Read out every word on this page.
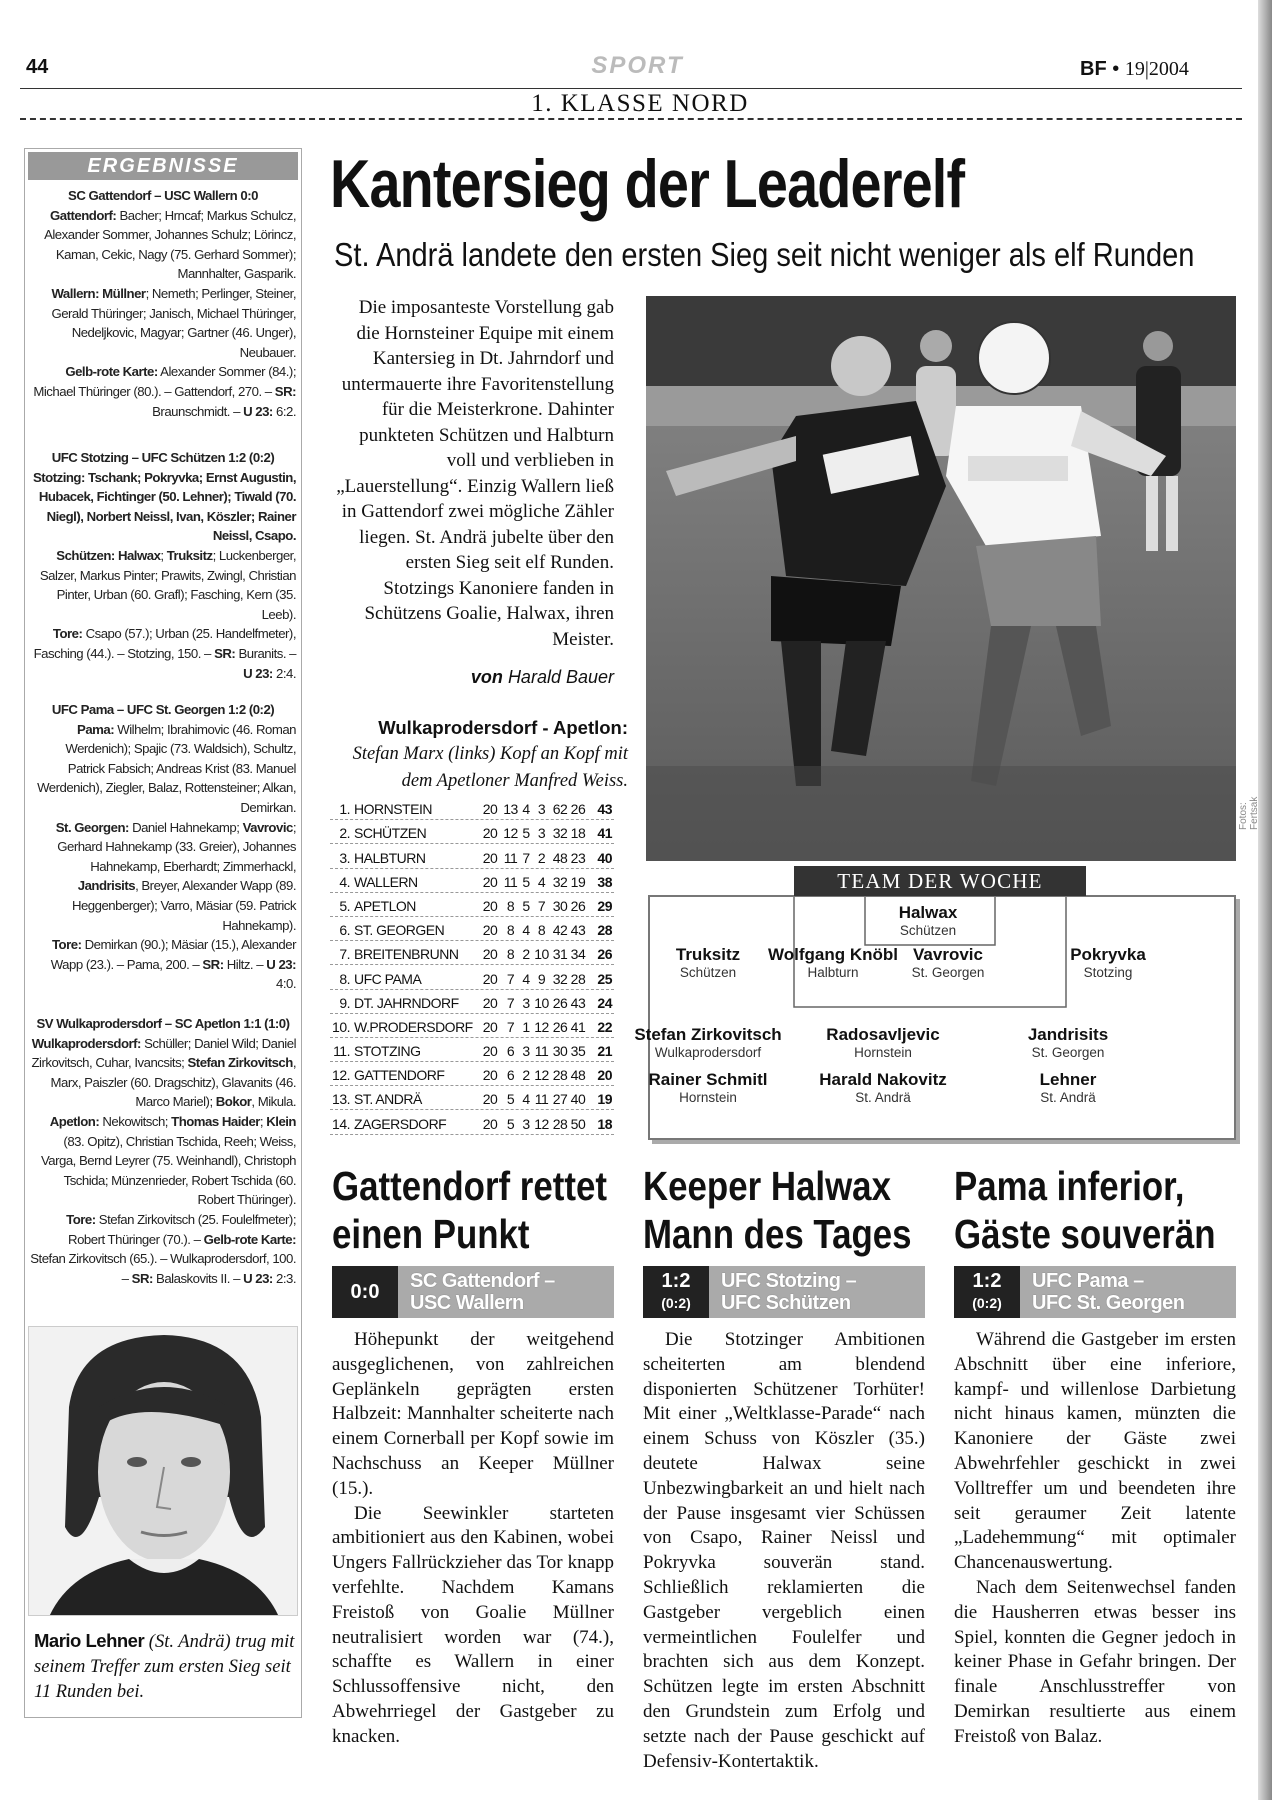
44	SPORT	BF • 19|2004
1. KLASSE NORD
ERGEBNISSE
SC Gattendorf – USC Wallern 0:0
Gattendorf: Bacher; Hrncaf; Markus Schulcz, Alexander Sommer, Johannes Schulz; Lörincz, Kaman, Cekic, Nagy (75. Gerhard Sommer); Mannhalter, Gasparik.
Wallern: Müllner; Nemeth; Perlinger, Steiner, Gerald Thüringer; Janisch, Michael Thüringer, Nedeljkovic, Magyar; Gartner (46. Unger), Neubauer.
Gelb-rote Karte: Alexander Sommer (84.); Michael Thüringer (80.). – Gattendorf, 270. – SR: Braunschmidt. – U 23: 6:2.
UFC Stotzing – UFC Schützen 1:2 (0:2)
Stotzing: Tschank; Pokryvka; Ernst Augustin, Hubacek, Fichtinger (50. Lehner); Tiwald (70. Niegl), Norbert Neissl, Ivan, Köszler; Rainer Neissl, Csapo.
Schützen: Halwax; Truksitz; Luckenberger, Salzer, Markus Pinter; Prawits, Zwingl, Christian Pinter, Urban (60. Grafl); Fasching, Kern (35. Leeb).
Tore: Csapo (57.); Urban (25. Handelfmeter), Fasching (44.). – Stotzing, 150. – SR: Buranits. – U 23: 2:4.
UFC Pama – UFC St. Georgen 1:2 (0:2)
Pama: Wilhelm; Ibrahimovic (46. Roman Werdenich); Spajic (73. Waldsich), Schultz, Patrick Fabsich; Andreas Krist (83. Manuel Werdenich), Ziegler, Balaz, Rottensteiner; Alkan, Demirkan.
St. Georgen: Daniel Hahnekamp; Vavrovic; Gerhard Hahnekamp (33. Greier), Johannes Hahnekamp, Eberhardt; Zimmerhackl, Jandrisits, Breyer, Alexander Wapp (89. Heggenberger); Varro, Mäsiar (59. Patrick Hahnekamp).
Tore: Demirkan (90.); Mäsiar (15.), Alexander Wapp (23.). – Pama, 200. – SR: Hiltz. – U 23: 4:0.
SV Wulkaprodersdorf – SC Apetlon 1:1 (1:0)
Wulkaprodersdorf: Schüller; Daniel Wild; Daniel Zirkovitsch, Cuhar, Ivancsits; Stefan Zirkovitsch, Marx, Paiszler (60. Dragschitz), Glavanits (46. Marco Mariel); Bokor, Mikula.
Apetlon: Nekowitsch; Thomas Haider; Klein (83. Opitz), Christian Tschida, Reeh; Weiss, Varga, Bernd Leyrer (75. Weinhandl), Christoph Tschida; Münzenrieder, Robert Tschida (60. Robert Thüringer).
Tore: Stefan Zirkovitsch (25. Foulelfmeter); Robert Thüringer (70.). – Gelb-rote Karte: Stefan Zirkovitsch (65.). – Wulkaprodersdorf, 100. – SR: Balaskovits II. – U 23: 2:3.
Mario Lehner (St. Andrä) trug mit seinem Treffer zum ersten Sieg seit 11 Runden bei.
Kantersieg der Leaderelf
St. Andrä landete den ersten Sieg seit nicht weniger als elf Runden
Die imposanteste Vorstellung gab die Hornsteiner Equipe mit einem Kantersieg in Dt. Jahrndorf und untermauerte ihre Favoritenstellung für die Meisterkrone. Dahinter punkteten Schützen und Halbturn voll und verblieben in „Lauerstellung“. Einzig Wallern ließ in Gattendorf zwei mögliche Zähler liegen. St. Andrä jubelte über den ersten Sieg seit elf Runden. Stotzings Kanoniere fanden in Schützens Goalie, Halwax, ihren Meister.
von Harald Bauer
Wulkaprodersdorf - Apetlon: Stefan Marx (links) Kopf an Kopf mit dem Apetloner Manfred Weiss.
1. HORNSTEIN	20 13 4 3 62 26 43
2. SCHÜTZEN	20 12 5 3 32 18 41
3. HALBTURN	20 11 7 2 48 23 40
4. WALLERN	20 11 5 4 32 19 38
5. APETLON	20 8 5 7 30 26 29
6. ST. GEORGEN	20 8 4 8 42 43 28
7. BREITENBRUNN	20 8 2 10 31 34 26
8. UFC PAMA	20 7 4 9 32 28 25
9. DT. JAHRNDORF	20 7 3 10 26 43 24
10. W.PRODERSDORF 20 7 1 12 26 41 22
11. STOTZING	20 6 3 11 30 35 21
12. GATTENDORF	20 6 2 12 28 48 20
13. ST. ANDRÄ	20 5 4 11 27 40 19
14. ZAGERSDORF	20 5 3 12 28 50 18
Fotos: Fertsak
TEAM DER WOCHE
Halwax
Schützen
Truksitz
Schützen
Wolfgang Knöbl
Halbturn
Vavrovic
St. Georgen
Pokryvka
Stotzing
Stefan Zirkovitsch
Wulkaprodersdorf
Radosavljevic
Hornstein
Jandrisits
St. Georgen
Rainer Schmitl
Hornstein
Harald Nakovitz
St. Andrä
Lehner
St. Andrä
Gattendorf rettet
einen Punkt
0:0	SC Gattendorf –
USC Wallern

Höhepunkt der weitgehend ausgeglichenen, von zahlreichen Geplänkeln geprägten ersten Halbzeit: Mannhalter scheiterte nach einem Cornerball per Kopf sowie im Nachschuss an Keeper Müllner (15.).

Die Seewinkler starteten ambitioniert aus den Kabinen, wobei Ungers Fallrückzieher das Tor knapp verfehlte. Nachdem Kamans Freistoß von Goalie Müllner neutralisiert worden war (74.), schaffte es Wallern in einer Schlussoffensive nicht, den Abwehrriegel der Gastgeber zu knacken.

Keeper Halwax
Mann des Tages
1:2
(0:2)
UFC Stotzing –
UFC Schützen

Die Stotzinger Ambitionen scheiterten am blendend disponierten Schützener Torhüter! Mit einer „Weltklasse-Parade“ nach einem Schuss von Köszler (35.) deutete Halwax seine Unbezwingbarkeit an und hielt nach der Pause insgesamt vier Schüssen von Csapo, Rainer Neissl und Pokryvka souverän stand. Schließlich reklamierten die Gastgeber vergeblich einen vermeintlichen Foulelfer und brachten sich aus dem Konzept. Schützen legte im ersten Abschnitt den Grundstein zum Erfolg und setzte nach der Pause geschickt auf Defensiv-Kontertaktik.

Pama inferior,
Gäste souverän
1:2
(0:2)
UFC Pama –
UFC St. Georgen

Während die Gastgeber im ersten Abschnitt über eine inferiore, kampf- und willenlose Darbietung nicht hinaus kamen, münzten die Kanoniere der Gäste zwei Abwehrfehler geschickt in zwei Volltreffer um und beendeten ihre seit geraumer Zeit latente „Ladehemmung“ mit optimaler Chancenauswertung.

Nach dem Seitenwechsel fanden die Hausherren etwas besser ins Spiel, konnten die Gegner jedoch in keiner Phase in Gefahr bringen. Der finale Anschlusstreffer von Demirkan resultierte aus einem Freistoß von Balaz.
